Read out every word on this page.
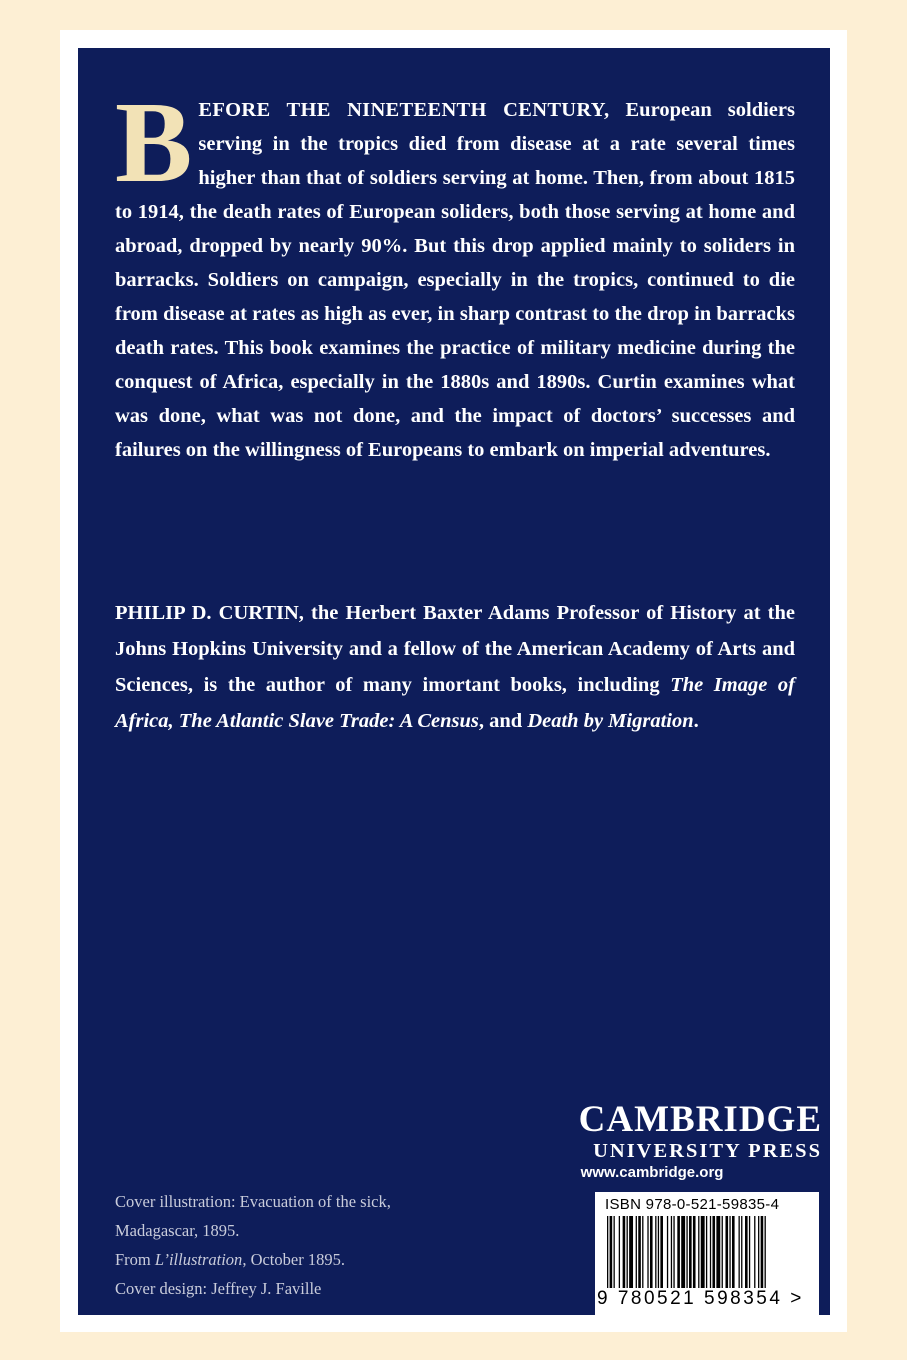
BEFORE THE NINETEENTH CENTURY, European soldiers serving in the tropics died from disease at a rate several times higher than that of soldiers serving at home. Then, from about 1815 to 1914, the death rates of European soliders, both those serving at home and abroad, dropped by nearly 90%. But this drop applied mainly to soliders in barracks. Soldiers on campaign, especially in the tropics, continued to die from disease at rates as high as ever, in sharp contrast to the drop in barracks death rates. This book examines the practice of military medicine during the conquest of Africa, especially in the 1880s and 1890s. Curtin examines what was done, what was not done, and the impact of doctors’ successes and failures on the willingness of Europeans to embark on imperial adventures.
PHILIP D. CURTIN, the Herbert Baxter Adams Professor of History at the Johns Hopkins University and a fellow of the American Academy of Arts and Sciences, is the author of many imortant books, including The Image of Africa, The Atlantic Slave Trade: A Census, and Death by Migration.
CAMBRIDGE
UNIVERSITY PRESS
www.cambridge.org
Cover illustration: Evacuation of the sick,
Madagascar, 1895.
From L’illustration, October 1895.
Cover design: Jeffrey J. Faville
ISBN 978-0-521-59835-4
9 780521 598354 >
